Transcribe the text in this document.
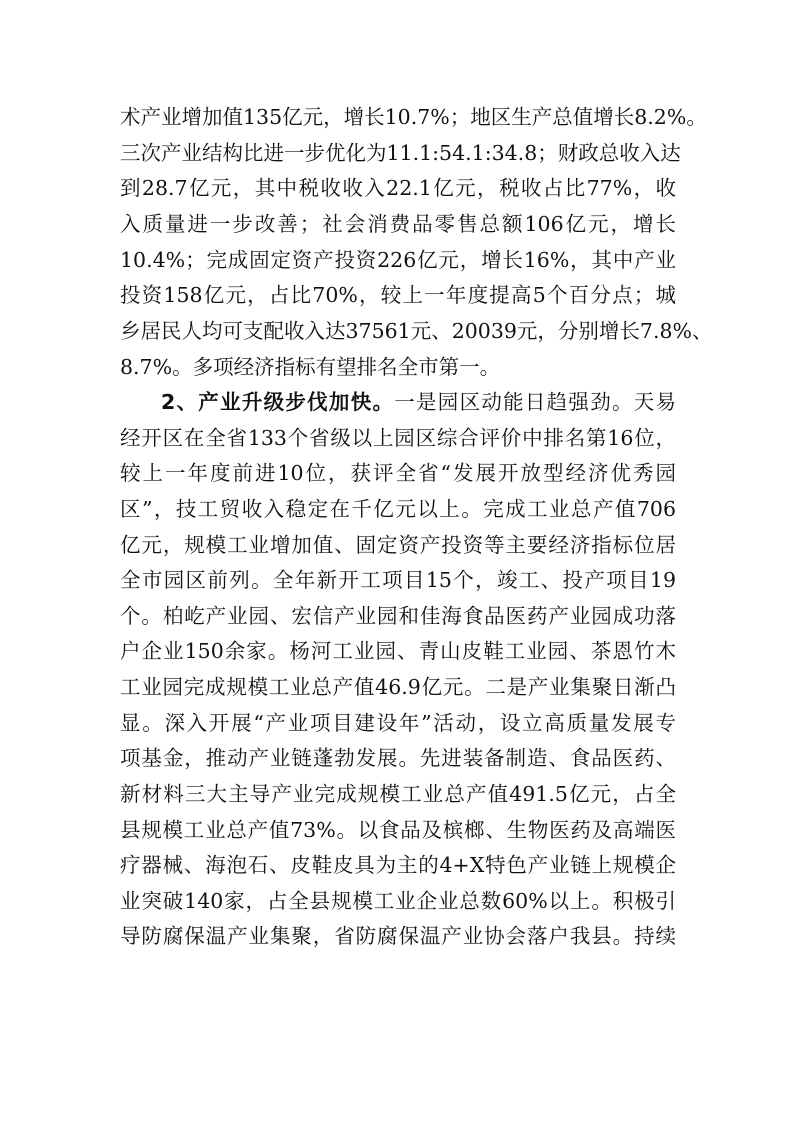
术产业增加值135亿元，增长10.7%；地区生产总值增长8.2%。
三次产业结构比进一步优化为11.1:54.1:34.8；财政总收入达
到28.7亿元，其中税收收入22.1亿元，税收占比77%，收
入质量进一步改善；社会消费品零售总额106亿元，增长
10.4%；完成固定资产投资226亿元，增长16%，其中产业
投资158亿元，占比70%，较上一年度提高5个百分点；城
乡居民人均可支配收入达37561元、20039元，分别增长7.8%、
8.7%。多项经济指标有望排名全市第一。
2、产业升级步伐加快。一是园区动能日趋强劲。天易
经开区在全省133个省级以上园区综合评价中排名第16位，
较上一年度前进10位，获评全省“发展开放型经济优秀园
区”，技工贸收入稳定在千亿元以上。完成工业总产值706
亿元，规模工业增加值、固定资产投资等主要经济指标位居
全市园区前列。全年新开工项目15个，竣工、投产项目19
个。柏屹产业园、宏信产业园和佳海食品医药产业园成功落
户企业150余家。杨河工业园、青山皮鞋工业园、茶恩竹木
工业园完成规模工业总产值46.9亿元。二是产业集聚日渐凸
显。深入开展“产业项目建设年”活动，设立高质量发展专
项基金，推动产业链蓬勃发展。先进装备制造、食品医药、
新材料三大主导产业完成规模工业总产值491.5亿元，占全
县规模工业总产值73%。以食品及槟榔、生物医药及高端医
疗器械、海泡石、皮鞋皮具为主的4+X特色产业链上规模企
业突破140家，占全县规模工业企业总数60%以上。积极引
导防腐保温产业集聚，省防腐保温产业协会落户我县。持续
